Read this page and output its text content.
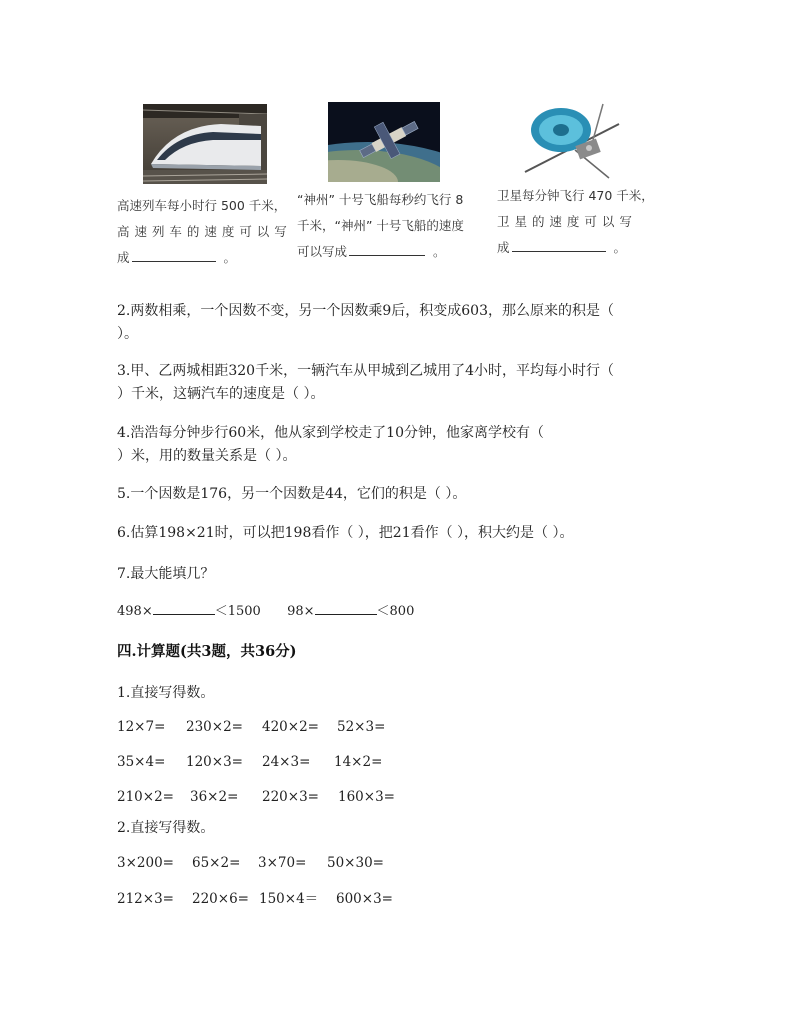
高速列车每小时行 500 千米，
高 速 列 车 的 速 度 可 以 写
成	。
“神州” 十号飞船每秒约飞行 8
千米，“神州” 十号飞船的速度
可以写成	。
卫星每分钟飞行 470 千米，
卫 星 的 速 度 可 以 写
成	。
2.两数相乘，一个因数不变，另一个因数乘9后，积变成603，那么原来的积是（
）。
3.甲、乙两城相距320千米，一辆汽车从甲城到乙城用了4小时，平均每小时行（
）千米，这辆汽车的速度是（ ）。
4.浩浩每分钟步行60米，他从家到学校走了10分钟，他家离学校有（
）米，用的数量关系是（ ）。
5.一个因数是176，另一个因数是44，它们的积是（ ）。
6.估算198×21时，可以把198看作（ ），把21看作（ ），积大约是（ ）。
7.最大能填几？
498×	＜1500 98×	＜800
四.计算题(共3题，共36分)
1.直接写得数。
12×7= 230×2= 420×2= 52×3=
35×4= 120×3= 24×3= 14×2=
210×2= 36×2= 220×3= 160×3=
2.直接写得数。
3×200= 65×2= 3×70= 50×30=
212×3= 220×6= 150×4＝ 600×3=
